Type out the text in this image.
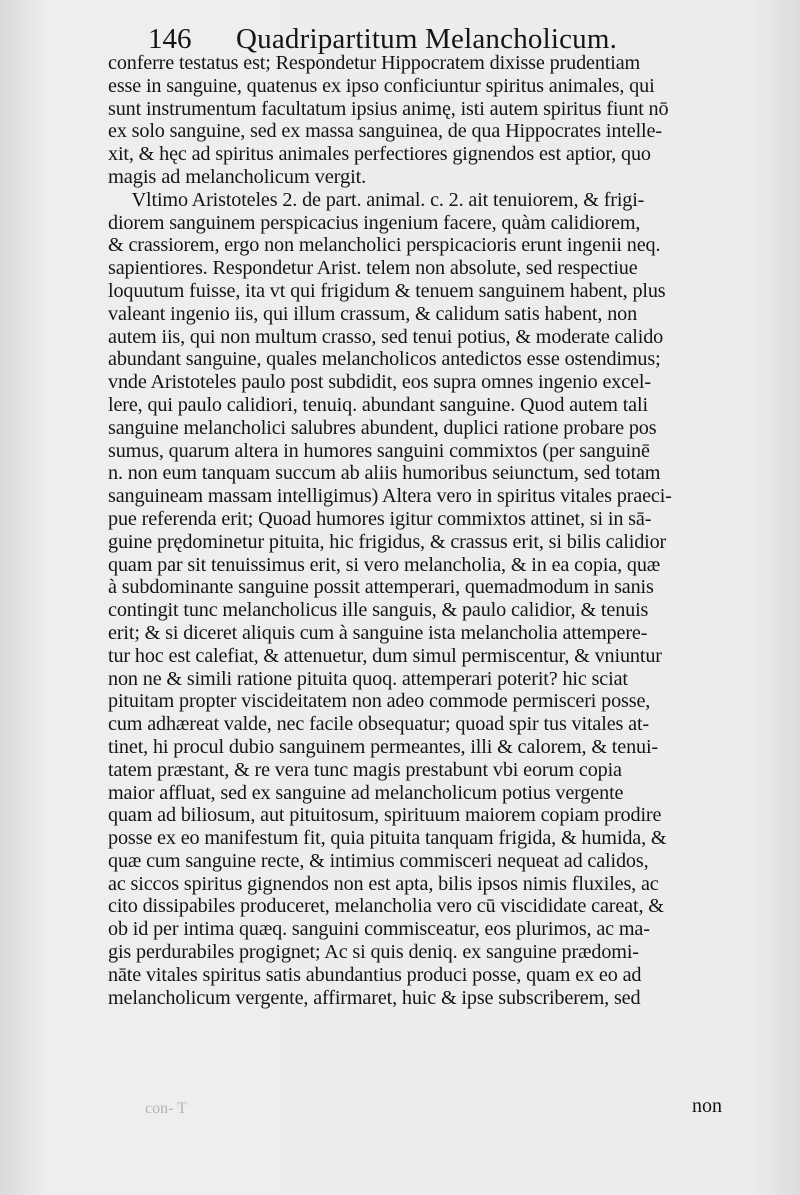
146 Quadripartitum Melancholicum.
conferre testatus est; Respondetur Hippocratem dixisse prudentiam
esse in sanguine, quatenus ex ipso conficiuntur spiritus animales, qui
sunt instrumentum facultatum ipsius animę, isti autem spiritus fiunt nō
ex solo sanguine, sed ex massa sanguinea, de qua Hippocrates intelle-
xit, & hęc ad spiritus animales perfectiores gignendos est aptior, quo
magis ad melancholicum vergit.
Vltimo Aristoteles 2. de part. animal. c. 2. ait tenuiorem, & frigi-
diorem sanguinem perspicacius ingenium facere, quàm calidiorem,
& crassiorem, ergo non melancholici perspicacioris erunt ingenii neq.
sapientiores. Respondetur Arist. telem non absolute, sed respectiue
loquutum fuisse, ita vt qui frigidum & tenuem sanguinem habent, plus
valeant ingenio iis, qui illum crassum, & calidum satis habent, non
autem iis, qui non multum crasso, sed tenui potius, & moderate calido
abundant sanguine, quales melancholicos antedictos esse ostendimus;
vnde Aristoteles paulo post subdidit, eos supra omnes ingenio excel-
lere, qui paulo calidiori, tenuiq. abundant sanguine. Quod autem tali
sanguine melancholici salubres abundent, duplici ratione probare pos
sumus, quarum altera in humores sanguini commixtos (per sanguinē
n. non eum tanquam succum ab aliis humoribus seiunctum, sed totam
sanguineam massam intelligimus) Altera vero in spiritus vitales praeci-
pue referenda erit; Quoad humores igitur commixtos attinet, si in sā-
guine prędominetur pituita, hic frigidus, & crassus erit, si bilis calidior
quam par sit tenuissimus erit, si vero melancholia, & in ea copia, quæ
à subdominante sanguine possit attemperari, quemadmodum in sanis
contingit tunc melancholicus ille sanguis, & paulo calidior, & tenuis
erit; & si diceret aliquis cum à sanguine ista melancholia attempere-
tur hoc est calefiat, & attenuetur, dum simul permiscentur, & vniuntur
non ne & simili ratione pituita quoq. attemperari poterit? hic sciat
pituitam propter viscideitatem non adeo commode permisceri posse,
cum adhæreat valde, nec facile obsequatur; quoad spir tus vitales at-
tinet, hi procul dubio sanguinem permeantes, illi & calorem, & tenui-
tatem præstant, & re vera tunc magis prestabunt vbi eorum copia
maior affluat, sed ex sanguine ad melancholicum potius vergente
quam ad biliosum, aut pituitosum, spirituum maiorem copiam prodire
posse ex eo manifestum fit, quia pituita tanquam frigida, & humida, &
quæ cum sanguine recte, & intimius commisceri nequeat ad calidos,
ac siccos spiritus gignendos non est apta, bilis ipsos nimis fluxiles, ac
cito dissipabiles produceret, melancholia vero cū viscididate careat, &
ob id per intima quæq. sanguini commisceatur, eos plurimos, ac ma-
gis perdurabiles progignet; Ac si quis deniq. ex sanguine prædomi-
nāte vitales spiritus satis abundantius produci posse, quam ex eo ad
melancholicum vergente, affirmaret, huic & ipse subscriberem, sed
non
con- T
